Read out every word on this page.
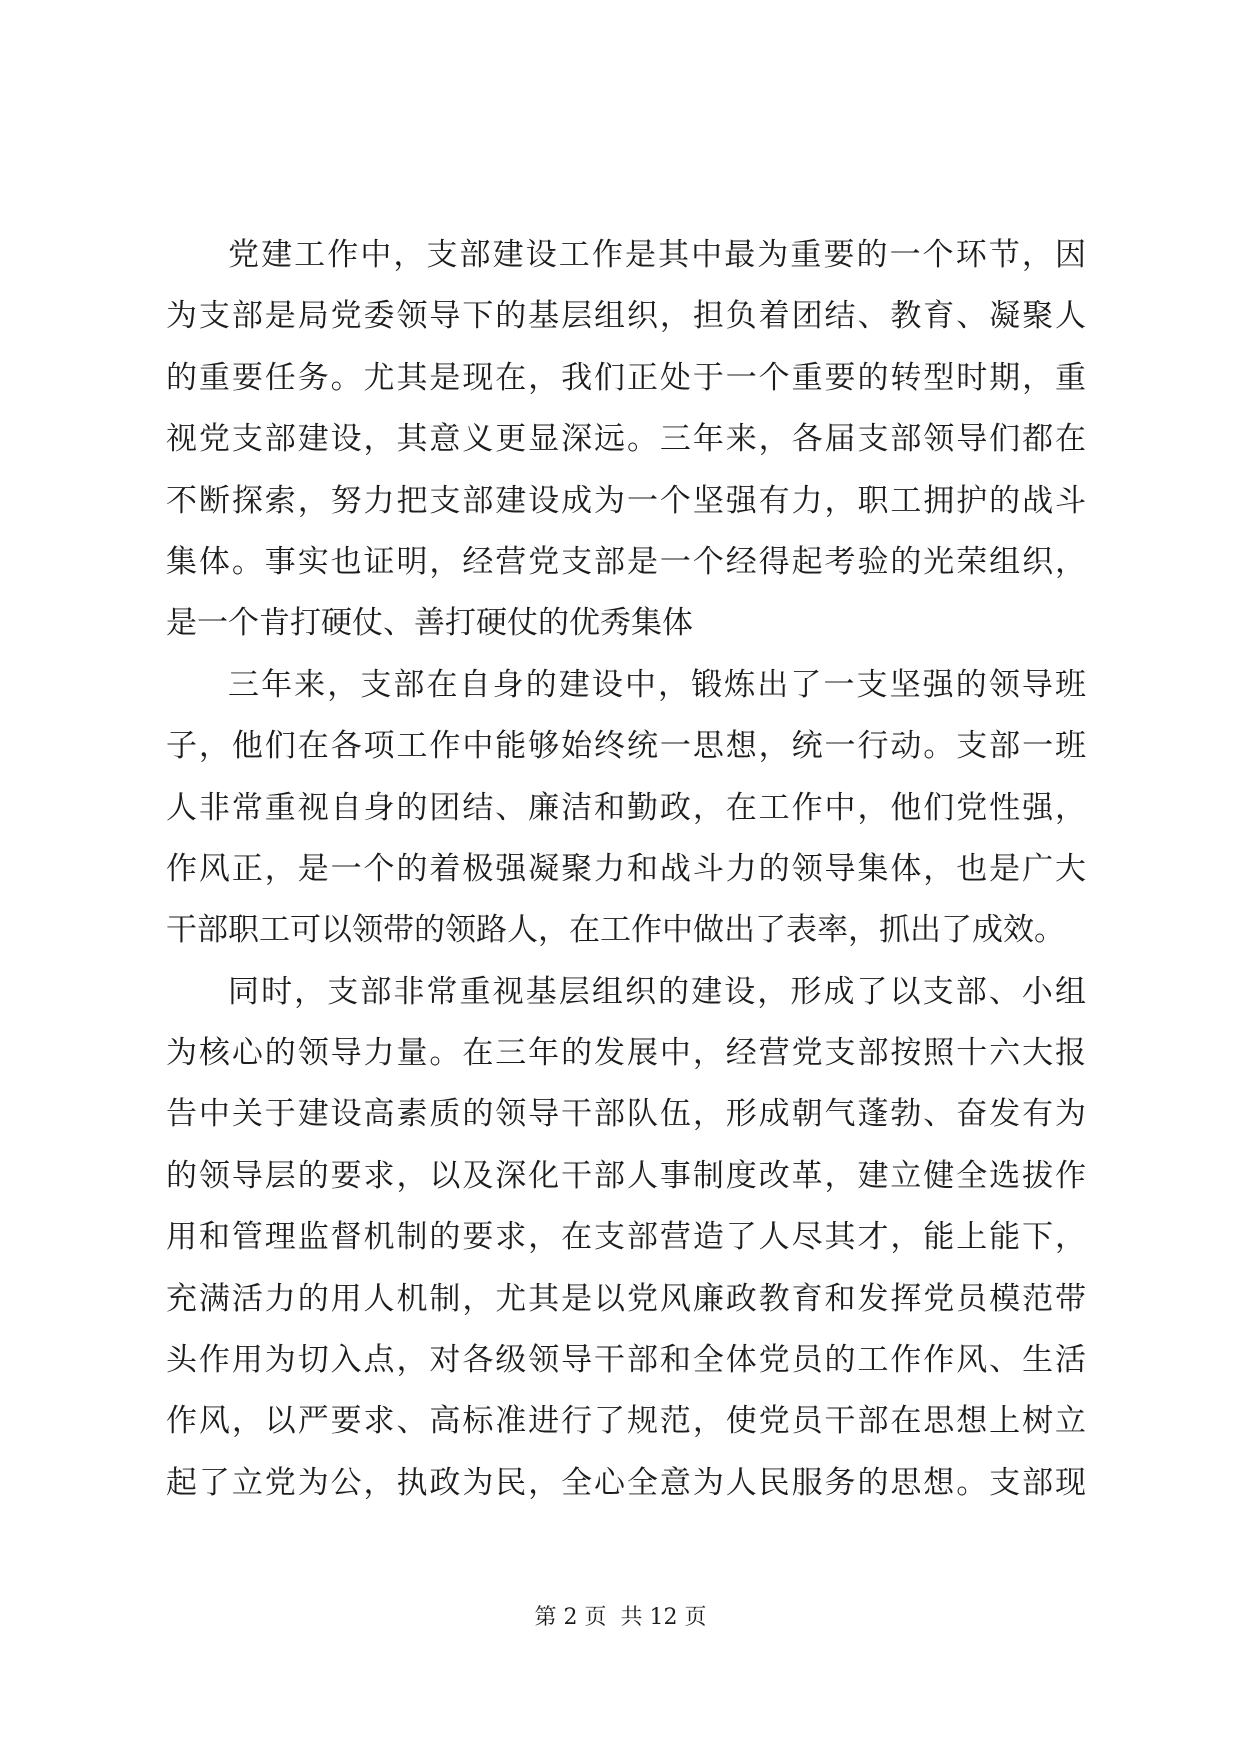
党建工作中，支部建设工作是其中最为重要的一个环节，因
为支部是局党委领导下的基层组织，担负着团结、教育、凝聚人
的重要任务。尤其是现在，我们正处于一个重要的转型时期，重
视党支部建设，其意义更显深远。三年来，各届支部领导们都在
不断探索，努力把支部建设成为一个坚强有力，职工拥护的战斗
集体。事实也证明，经营党支部是一个经得起考验的光荣组织，
是一个肯打硬仗、善打硬仗的优秀集体
三年来，支部在自身的建设中，锻炼出了一支坚强的领导班
子，他们在各项工作中能够始终统一思想，统一行动。支部一班
人非常重视自身的团结、廉洁和勤政，在工作中，他们党性强，
作风正，是一个的着极强凝聚力和战斗力的领导集体，也是广大
干部职工可以领带的领路人，在工作中做出了表率，抓出了成效。
同时，支部非常重视基层组织的建设，形成了以支部、小组
为核心的领导力量。在三年的发展中，经营党支部按照十六大报
告中关于建设高素质的领导干部队伍，形成朝气蓬勃、奋发有为
的领导层的要求，以及深化干部人事制度改革，建立健全选拔作
用和管理监督机制的要求，在支部营造了人尽其才，能上能下，
充满活力的用人机制，尤其是以党风廉政教育和发挥党员模范带
头作用为切入点，对各级领导干部和全体党员的工作作风、生活
作风，以严要求、高标准进行了规范，使党员干部在思想上树立
起了立党为公，执政为民，全心全意为人民服务的思想。支部现
第 2 页  共 12 页
